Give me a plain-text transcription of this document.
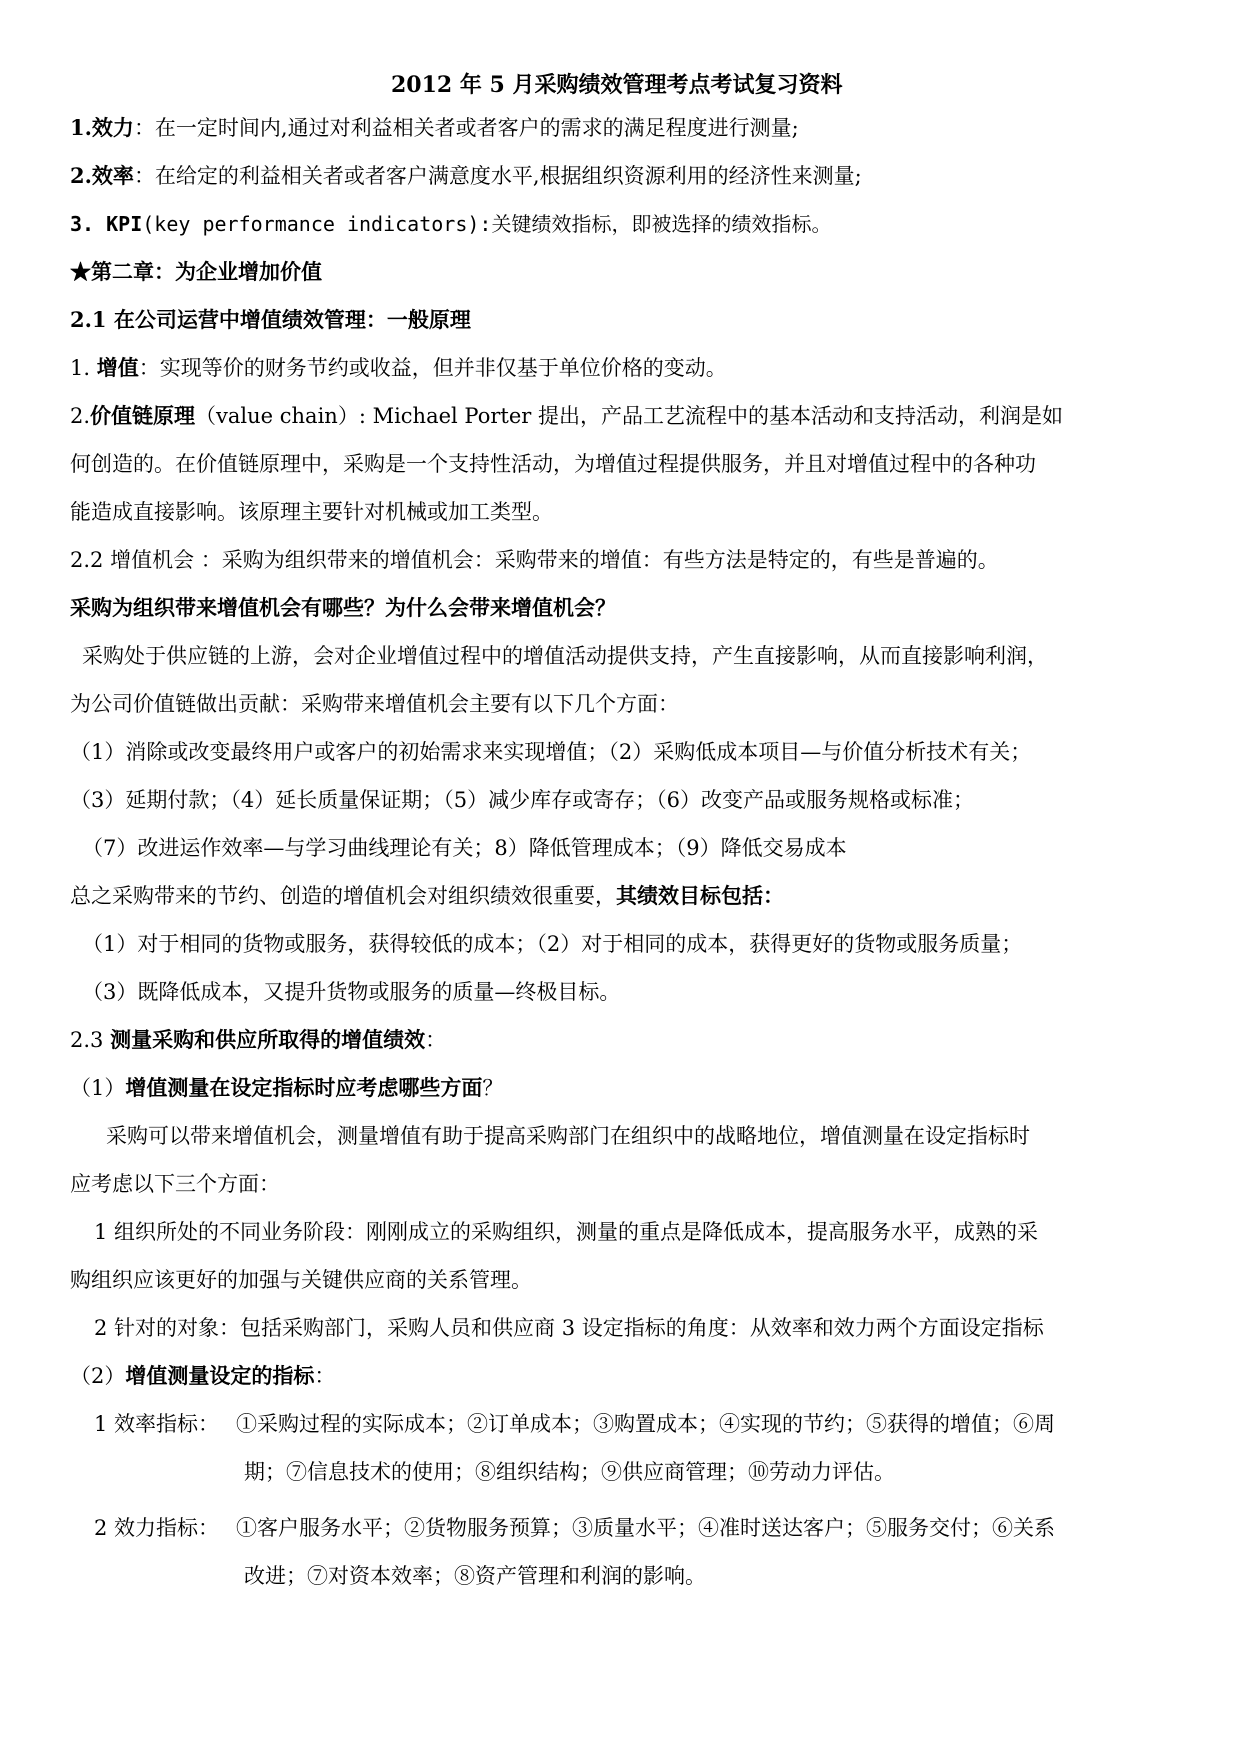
2012 年 5 月采购绩效管理考点考试复习资料
1.效力：在一定时间内,通过对利益相关者或者客户的需求的满足程度进行测量;
2.效率：在给定的利益相关者或者客户满意度水平,根据组织资源利用的经济性来测量;
3. KPI(key performance indicators):关键绩效指标，即被选择的绩效指标。
★第二章：为企业增加价值
2.1 在公司运营中增值绩效管理：一般原理
1. 增值：实现等价的财务节约或收益，但并非仅基于单位价格的变动。
2.价值链原理（value chain）: Michael Porter 提出，产品工艺流程中的基本活动和支持活动，利润是如
何创造的。在价值链原理中，采购是一个支持性活动，为增值过程提供服务，并且对增值过程中的各种功
能造成直接影响。该原理主要针对机械或加工类型。
2.2 增值机会 ：采购为组织带来的增值机会：采购带来的增值：有些方法是特定的，有些是普遍的。
采购为组织带来增值机会有哪些？为什么会带来增值机会？
采购处于供应链的上游，会对企业增值过程中的增值活动提供支持，产生直接影响，从而直接影响利润，
为公司价值链做出贡献：采购带来增值机会主要有以下几个方面：
（1）消除或改变最终用户或客户的初始需求来实现增值；（2）采购低成本项目—与价值分析技术有关；
（3）延期付款；（4）延长质量保证期；（5）减少库存或寄存；（6）改变产品或服务规格或标准；
（7）改进运作效率—与学习曲线理论有关；8）降低管理成本；（9）降低交易成本
总之采购带来的节约、创造的增值机会对组织绩效很重要，其绩效目标包括：
（1）对于相同的货物或服务，获得较低的成本；（2）对于相同的成本，获得更好的货物或服务质量；
（3）既降低成本，又提升货物或服务的质量—终极目标。
2.3 测量采购和供应所取得的增值绩效：
（1）增值测量在设定指标时应考虑哪些方面？
采购可以带来增值机会，测量增值有助于提高采购部门在组织中的战略地位，增值测量在设定指标时
应考虑以下三个方面：
1 组织所处的不同业务阶段：刚刚成立的采购组织，测量的重点是降低成本，提高服务水平，成熟的采
购组织应该更好的加强与关键供应商的关系管理。
2 针对的对象：包括采购部门，采购人员和供应商 3 设定指标的角度：从效率和效力两个方面设定指标
（2）增值测量设定的指标：
1 效率指标： ①采购过程的实际成本；②订单成本；③购置成本；④实现的节约；⑤获得的增值；⑥周
期；⑦信息技术的使用；⑧组织结构；⑨供应商管理；⑩劳动力评估。
2 效力指标： ①客户服务水平；②货物服务预算；③质量水平；④准时送达客户；⑤服务交付；⑥关系
改进；⑦对资本效率；⑧资产管理和利润的影响。
